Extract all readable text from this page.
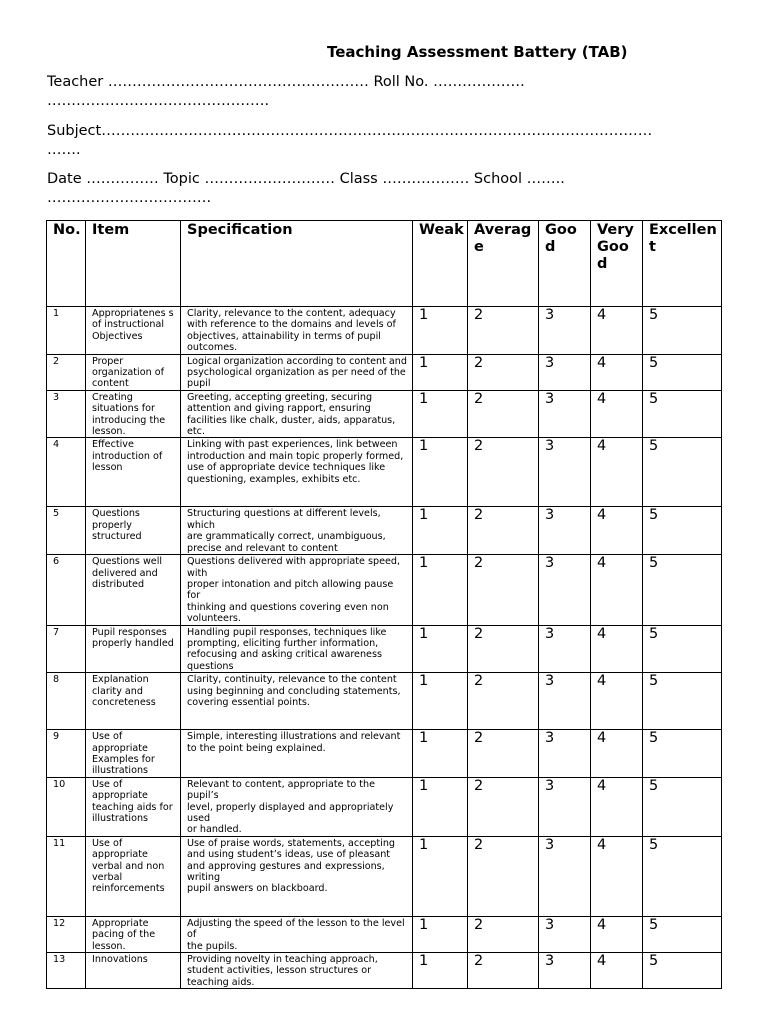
Teaching Assessment Battery (TAB)
Teacher ……………………………………………… Roll No. ……………….
……………………………………….
Subject……………………………………………………………………………………………………
…….
Date …………… Topic ……………………… Class ……………… School ……..
…………………………….
No.	Item	Specification	Weak	Average	Good	Very Good	Excellent
1	Appropriatenes s
of instructional Objectives	Clarity, relevance to the content, adequacy with reference to the domains and levels of objectives, attainability in terms of pupil outcomes.	1	2	3	4	5
2	Proper organization of content	Logical organization according to content and psychological organization as per need of the pupil	1	2	3	4	5
3	Creating situations for introducing the lesson.	Greeting, accepting greeting, securing attention and giving rapport, ensuring facilities like chalk, duster, aids, apparatus, etc.	1	2	3	4	5
4	Effective introduction of lesson	Linking with past experiences, link between
introduction and main topic properly formed, use of appropriate device techniques like
questioning, examples, exhibits etc.	1	2	3	4	5
5	Questions properly structured	Structuring questions at different levels, which
are grammatically correct, unambiguous, precise and relevant to content	1	2	3	4	5
6	Questions well delivered and distributed	Questions delivered with appropriate speed, with
proper intonation and pitch allowing pause for
thinking and questions covering even non volunteers.	1	2	3	4	5
7	Pupil responses properly handled	Handling pupil responses, techniques like prompting, eliciting further information, refocusing and asking critical awareness questions	1	2	3	4	5
8	Explanation clarity and concreteness	Clarity, continuity, relevance to the content
using beginning and concluding statements,
covering essential points.	1	2	3	4	5
9	Use of appropriate Examples for illustrations	Simple, interesting illustrations and relevant
to the point being explained.	1	2	3	4	5
10	Use of appropriate teaching aids for illustrations	Relevant to content, appropriate to the pupil’s
level, properly displayed and appropriately used
or handled.	1	2	3	4	5
11	Use of appropriate verbal and non verbal reinforcements	Use of praise words, statements, accepting
and using student’s ideas, use of pleasant
and approving gestures and expressions, writing
pupil answers on blackboard.	1	2	3	4	5
12	Appropriate pacing of the lesson.	Adjusting the speed of the lesson to the level of
the pupils.	1	2	3	4	5
13	Innovations	Providing novelty in teaching approach, student activities, lesson structures or teaching aids.	1	2	3	4	5
